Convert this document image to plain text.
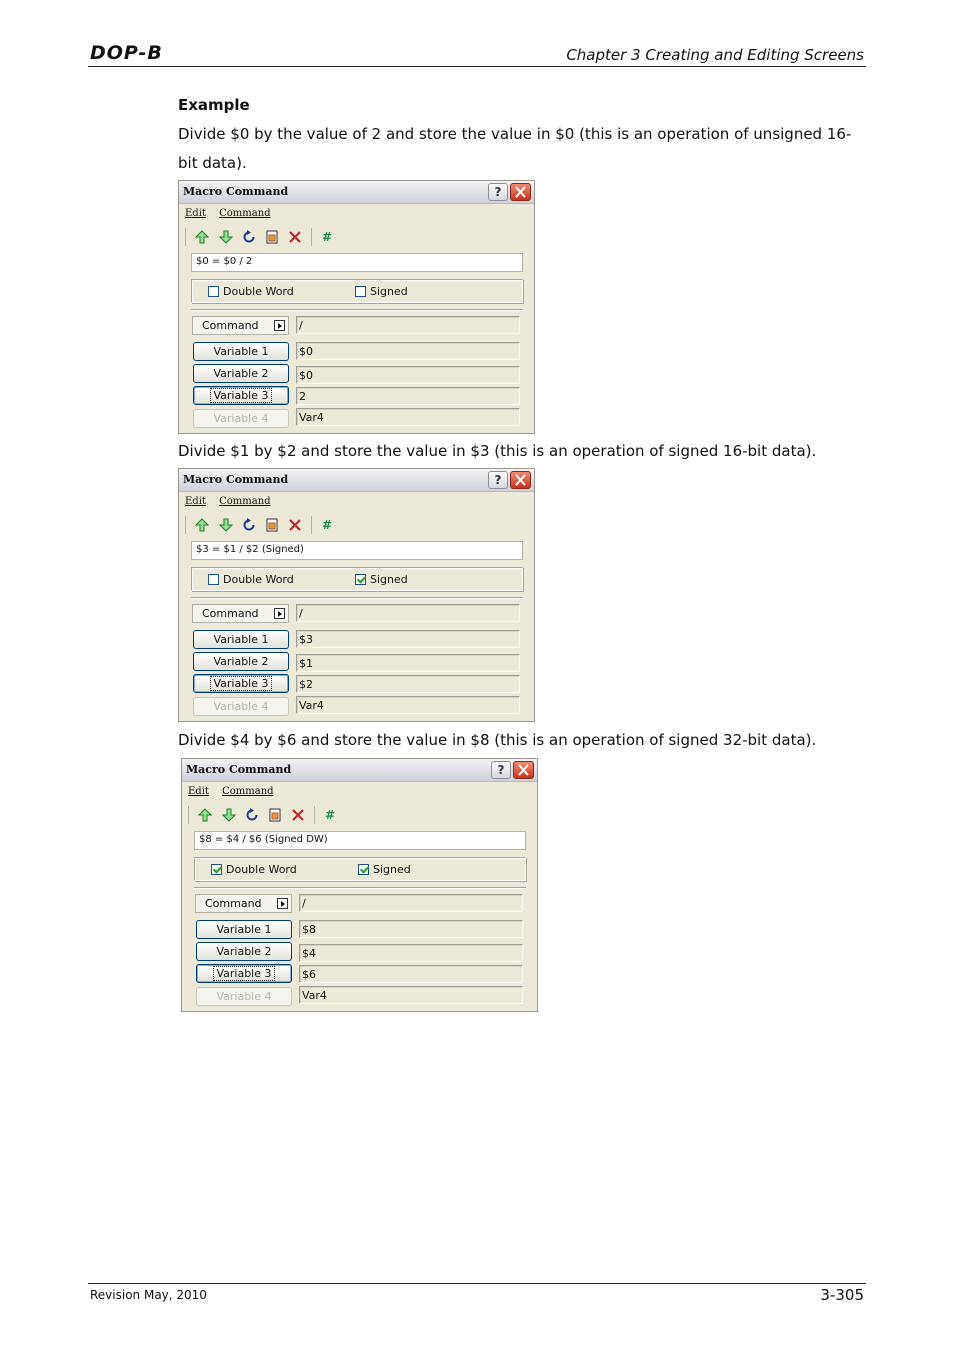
DOP-B	Chapter 3 Creating and Editing Screens
Example
Divide $0 by the value of 2 and store the value in $0 (this is an operation of unsigned 16-bit data).
Divide $1 by $2 and store the value in $3 (this is an operation of signed 16-bit data).
Divide $4 by $6 and store the value in $8 (this is an operation of signed 32-bit data).
Macro Command	?
Edit Command
#
$0 = $0 / 2
Double Word	Signed
Command	/
Variable 1	$0
Variable 2	$0
Variable 3	2
Variable 4	Var4
Macro Command	?
Edit Command
#
$3 = $1 / $2 (Signed)
Double Word	Signed
Command	/
Variable 1	$3
Variable 2	$1
Variable 3	$2
Variable 4	Var4
Macro Command	?
Edit Command
#
$8 = $4 / $6 (Signed DW)
Double Word	Signed
Command	/
Variable 1	$8
Variable 2	$4
Variable 3	$6
Variable 4	Var4
Revision May, 2010	3-305
